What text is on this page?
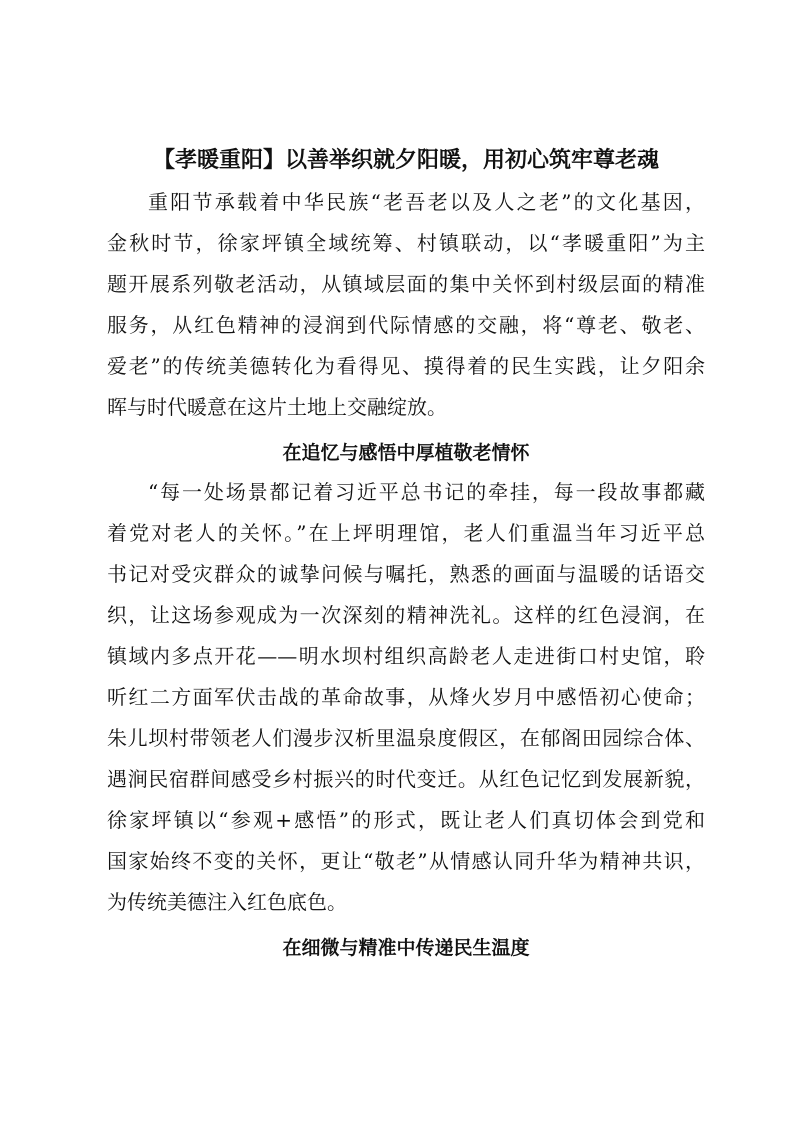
【孝暖重阳】以善举织就夕阳暖，用初心筑牢尊老魂
重阳节承载着中华民族“老吾老以及人之老”的文化基因，
金秋时节，徐家坪镇全域统筹、村镇联动，以“孝暖重阳”为主
题开展系列敬老活动，从镇域层面的集中关怀到村级层面的精准
服务，从红色精神的浸润到代际情感的交融，将“尊老、敬老、
爱老”的传统美德转化为看得见、摸得着的民生实践，让夕阳余
晖与时代暖意在这片土地上交融绽放。
在追忆与感悟中厚植敬老情怀
“每一处场景都记着习近平总书记的牵挂，每一段故事都藏
着党对老人的关怀。”在上坪明理馆，老人们重温当年习近平总
书记对受灾群众的诚挚问候与嘱托，熟悉的画面与温暖的话语交
织，让这场参观成为一次深刻的精神洗礼。这样的红色浸润，在
镇域内多点开花——明水坝村组织高龄老人走进街口村史馆，聆
听红二方面军伏击战的革命故事，从烽火岁月中感悟初心使命；
朱儿坝村带领老人们漫步汉析里温泉度假区，在郁阁田园综合体、
遇涧民宿群间感受乡村振兴的时代变迁。从红色记忆到发展新貌，
徐家坪镇以“参观+感悟”的形式，既让老人们真切体会到党和
国家始终不变的关怀，更让“敬老”从情感认同升华为精神共识，
为传统美德注入红色底色。
在细微与精准中传递民生温度
